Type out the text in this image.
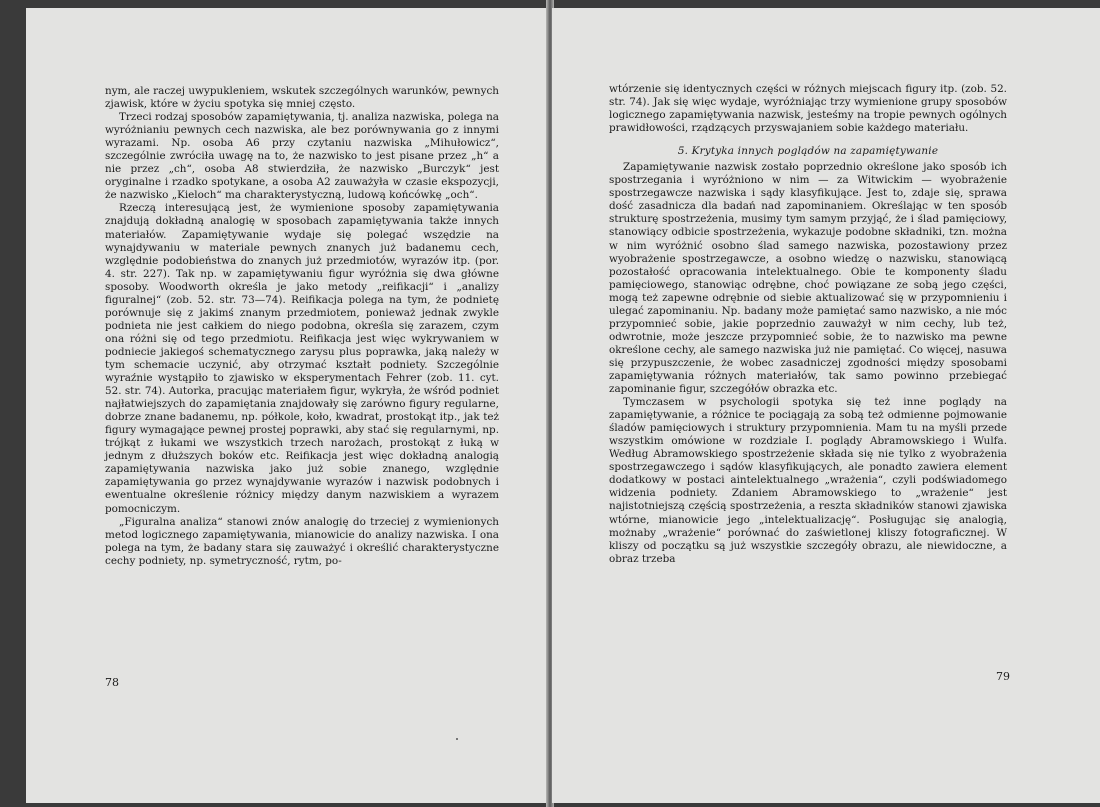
nym, ale raczej uwypukleniem, wskutek szczególnych warunków, pewnych zjawisk, które w życiu spotyka się mniej często.

Trzeci rodzaj sposobów zapamiętywania, tj. analiza nazwiska, polega na wyróżnianiu pewnych cech nazwiska, ale bez porównywania go z innymi wyrazami. Np. osoba A6 przy czytaniu nazwiska „Mihułowicz“, szczególnie zwróciła uwagę na to, że nazwisko to jest pisane przez „h“ a nie przez „ch“, osoba A8 stwierdziła, że nazwisko „Burczyk“ jest oryginalne i rzadko spotykane, a osoba A2 zauważyła w czasie ekspozycji, że nazwisko „Kieloch“ ma charakterystyczną, ludową końcówkę „och“.

Rzeczą interesującą jest, że wymienione sposoby zapamiętywania znajdują dokładną analogię w sposobach zapamiętywania także innych materiałów. Zapamiętywanie wydaje się polegać wszędzie na wynajdywaniu w materiale pewnych znanych już badanemu cech, względnie podobieństwa do znanych już przedmiotów, wyrazów itp. (por. 4. str. 227). Tak np. w zapamiętywaniu figur wyróżnia się dwa główne sposoby. Woodworth określa je jako metody „reifikacji“ i „analizy figuralnej“ (zob. 52. str. 73—74). Reifikacja polega na tym, że podnietę porównuje się z jakimś znanym przedmiotem, ponieważ jednak zwykle podnieta nie jest całkiem do niego podobna, określa się zarazem, czym ona różni się od tego przedmiotu. Reifikacja jest więc wykrywaniem w podniecie jakiegoś schematycznego zarysu plus poprawka, jaką należy w tym schemacie uczynić, aby otrzymać kształt podniety. Szczególnie wyraźnie wystąpiło to zjawisko w eksperymentach Fehrer (zob. 11. cyt. 52. str. 74). Autorka, pracując materiałem figur, wykryła, że wśród podniet najłatwiejszych do zapamiętania znajdowały się zarówno figury regularne, dobrze znane badanemu, np. półkole, koło, kwadrat, prostokąt itp., jak też figury wymagające pewnej prostej poprawki, aby stać się regularnymi, np. trójkąt z łukami we wszystkich trzech narożach, prostokąt z łuką w jednym z dłuższych boków etc. Reifikacja jest więc dokładną analogią zapamiętywania nazwiska jako już sobie znanego, względnie zapamiętywania go przez wynajdywanie wyrazów i nazwisk podobnych i ewentualne określenie różnicy między danym nazwiskiem a wyrazem pomocniczym.

„Figuralna analiza“ stanowi znów analogię do trzeciej z wymienionych metod logicznego zapamiętywania, mianowicie do analizy nazwiska. I ona polega na tym, że badany stara się zauważyć i określić charakterystyczne cechy podniety, np. symetryczność, rytm, po-

78

wtórzenie się identycznych części w różnych miejscach figury itp. (zob. 52. str. 74). Jak się więc wydaje, wyróżniając trzy wymienione grupy sposobów logicznego zapamiętywania nazwisk, jesteśmy na tropie pewnych ogólnych prawidłowości, rządzących przyswajaniem sobie każdego materiału.

5. Krytyka innych poglądów na zapamiętywanie

Zapamiętywanie nazwisk zostało poprzednio określone jako sposób ich spostrzegania i wyróżniono w nim — za Witwickim — wyobrażenie spostrzegawcze nazwiska i sądy klasyfikujące. Jest to, zdaje się, sprawa dość zasadnicza dla badań nad zapominaniem. Określając w ten sposób strukturę spostrzeżenia, musimy tym samym przyjąć, że i ślad pamięciowy, stanowiący odbicie spostrzeżenia, wykazuje podobne składniki, tzn. można w nim wyróżnić osobno ślad samego nazwiska, pozostawiony przez wyobrażenie spostrzegawcze, a osobno wiedzę o nazwisku, stanowiącą pozostałość opracowania intelektualnego. Obie te komponenty śladu pamięciowego, stanowiąc odrębne, choć powiązane ze sobą jego części, mogą też zapewne odrębnie od siebie aktualizować się w przypomnieniu i ulegać zapominaniu. Np. badany może pamiętać samo nazwisko, a nie móc przypomnieć sobie, jakie poprzednio zauważył w nim cechy, lub też, odwrotnie, może jeszcze przypomnieć sobie, że to nazwisko ma pewne określone cechy, ale samego nazwiska już nie pamiętać. Co więcej, nasuwa się przypuszczenie, że wobec zasadniczej zgodności między sposobami zapamiętywania różnych materiałów, tak samo powinno przebiegać zapominanie figur, szczegółów obrazka etc.

Tymczasem w psychologii spotyka się też inne poglądy na zapamiętywanie, a różnice te pociągają za sobą też odmienne pojmowanie śladów pamięciowych i struktury przypomnienia. Mam tu na myśli przede wszystkim omówione w rozdziale I. poglądy Abramowskiego i Wulfa. Według Abramowskiego spostrzeżenie składa się nie tylko z wyobrażenia spostrzegawczego i sądów klasyfikujących, ale ponadto zawiera element dodatkowy w postaci aintelektualnego „wrażenia“, czyli podświadomego widzenia podniety. Zdaniem Abramowskiego to „wrażenie“ jest najistotniejszą częścią spostrzeżenia, a reszta składników stanowi zjawiska wtórne, mianowicie jego „intelektualizację“. Posługując się analogią, możnaby „wrażenie“ porównać do zaświetlonej kliszy fotograficznej. W kliszy od początku są już wszystkie szczegóły obrazu, ale niewidoczne, a obraz trzeba

79
